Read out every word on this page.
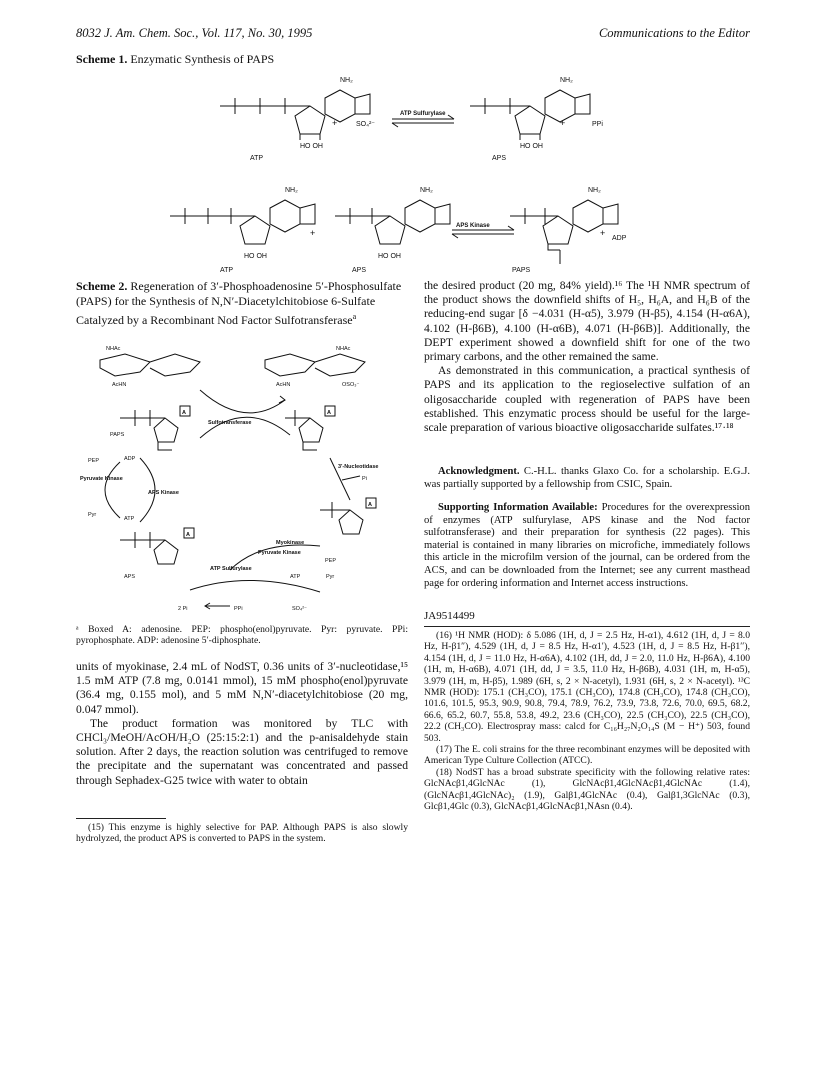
8032 J. Am. Chem. Soc., Vol. 117, No. 30, 1995	Communications to the Editor
Scheme 1. Enzymatic Synthesis of PAPS
NH₂	NH₂
HO OH	HO OH
+	SO₄²⁻
ATP Sulfurylase
+	PPi
ATP	APS
NH₂	NH₂	NH₂
HO OH	HO OH
+
APS Kinase
+
ADP
ATP	APS	PAPS
Scheme 2. Regeneration of 3′-Phosphoadenosine 5′-Phosphosulfate (PAPS) for the Synthesis of N,N′-Diacetylchitobiose 6-Sulfate Catalyzed by a Recombinant Nod Factor Sulfotransferase$^a$
NHAc
AcHN
NHAc
AcHN	OSO₃⁻
A	A
Sulfotransferase
PAPS
PEP	ADP
Pyruvate Kinase
Pyr
ATP
APS Kinase
3′-Nucleotidase
Pi
A
Myokinase
Pyruvate Kinase
PEP
A
ATP Sulfurylase
ATP	Pyr
APS
2 Pi	PPi	SO₄²⁻
ᵃ Boxed A: adenosine. PEP: phospho(enol)pyruvate. Pyr: pyruvate. PPi: pyrophosphate. ADP: adenosine 5′-diphosphate.

units of myokinase, 2.4 mL of NodST, 0.36 units of 3′-nucleotidase,¹⁵ 1.5 mM ATP (7.8 mg, 0.0141 mmol), 15 mM phospho(enol)pyruvate (36.4 mg, 0.155 mol), and 5 mM N,N′-diacetylchitobiose (20 mg, 0.047 mmol).

The product formation was monitored by TLC with CHCl₃/MeOH/AcOH/H₂O (25:15:2:1) and the p-anisaldehyde stain solution. After 2 days, the reaction solution was centrifuged to remove the precipitate and the supernatant was concentrated and passed through Sephadex-G25 twice with water to obtain

(15) This enzyme is highly selective for PAP. Although PAPS is also slowly hydrolyzed, the product APS is converted to PAPS in the system.

the desired product (20 mg, 84% yield).¹⁶ The ¹H NMR spectrum of the product shows the downfield shifts of H₅, H₆A, and H₆B of the reducing-end sugar [δ −4.031 (H-α5), 3.979 (H-β5), 4.154 (H-α6A), 4.102 (H-β6B), 4.100 (H-α6B), 4.071 (H-β6B)]. Additionally, the DEPT experiment showed a downfield shift for one of the two primary carbons, and the other remained the same.

As demonstrated in this communication, a practical synthesis of PAPS and its application to the regioselective sulfation of an oligosaccharide coupled with regeneration of PAPS have been established. This enzymatic process should be useful for the large-scale preparation of various bioactive oligosaccharide sulfates.¹⁷·¹⁸

Acknowledgment. C.-H.L. thanks Glaxo Co. for a scholarship. E.G.J. was partially supported by a fellowship from CSIC, Spain.

Supporting Information Available: Procedures for the overexpression of enzymes (ATP sulfurylase, APS kinase and the Nod factor sulfotransferase) and their preparation for synthesis (22 pages). This material is contained in many libraries on microfiche, immediately follows this article in the microfilm version of the journal, can be ordered from the ACS, and can be downloaded from the Internet; see any current masthead page for ordering information and Internet access instructions.

JA9514499

(16) ¹H NMR (HOD): δ 5.086 (1H, d, J = 2.5 Hz, H-α1), 4.612 (1H, d, J = 8.0 Hz, H-β1″), 4.529 (1H, d, J = 8.5 Hz, H-α1′), 4.523 (1H, d, J = 8.5 Hz, H-β1′′), 4.154 (1H, d, J = 11.0 Hz, H-α6A), 4.102 (1H, dd, J = 2.0, 11.0 Hz, H-β6A), 4.100 (1H, m, H-α6B), 4.071 (1H, dd, J = 3.5, 11.0 Hz, H-β6B), 4.031 (1H, m, H-α5), 3.979 (1H, m, H-β5), 1.989 (6H, s, 2 × N-acetyl), 1.931 (6H, s, 2 × N-acetyl). ¹³C NMR (HOD): 175.1 (CH₃CO), 175.1 (CH₃CO), 174.8 (CH₃CO), 174.8 (CH₃CO), 101.6, 101.5, 95.3, 90.9, 90.8, 79.4, 78.9, 76.2, 73.9, 73.8, 72.6, 70.0, 69.5, 68.2, 66.6, 65.2, 60.7, 55.8, 53.8, 49.2, 23.6 (CH₃CO), 22.5 (CH₃CO), 22.5 (CH₃CO), 22.2 (CH₃CO). Electrospray mass: calcd for C₁₆H₂₇N₂O₁₄S (M − H⁺) 503, found 503.

(17) The E. coli strains for the three recombinant enzymes will be deposited with American Type Culture Collection (ATCC).

(18) NodST has a broad substrate specificity with the following relative rates: GlcNAcβ1,4GlcNAc (1), GlcNAcβ1,4GlcNAcβ1,4GlcNAc (1.4), (GlcNAcβ1,4GlcNAc)₂ (1.9), Galβ1,4GlcNAc (0.4), Galβ1,3GlcNAc (0.3), Glcβ1,4Glc (0.3), GlcNAcβ1,4GlcNAcβ1,NAsn (0.4).
